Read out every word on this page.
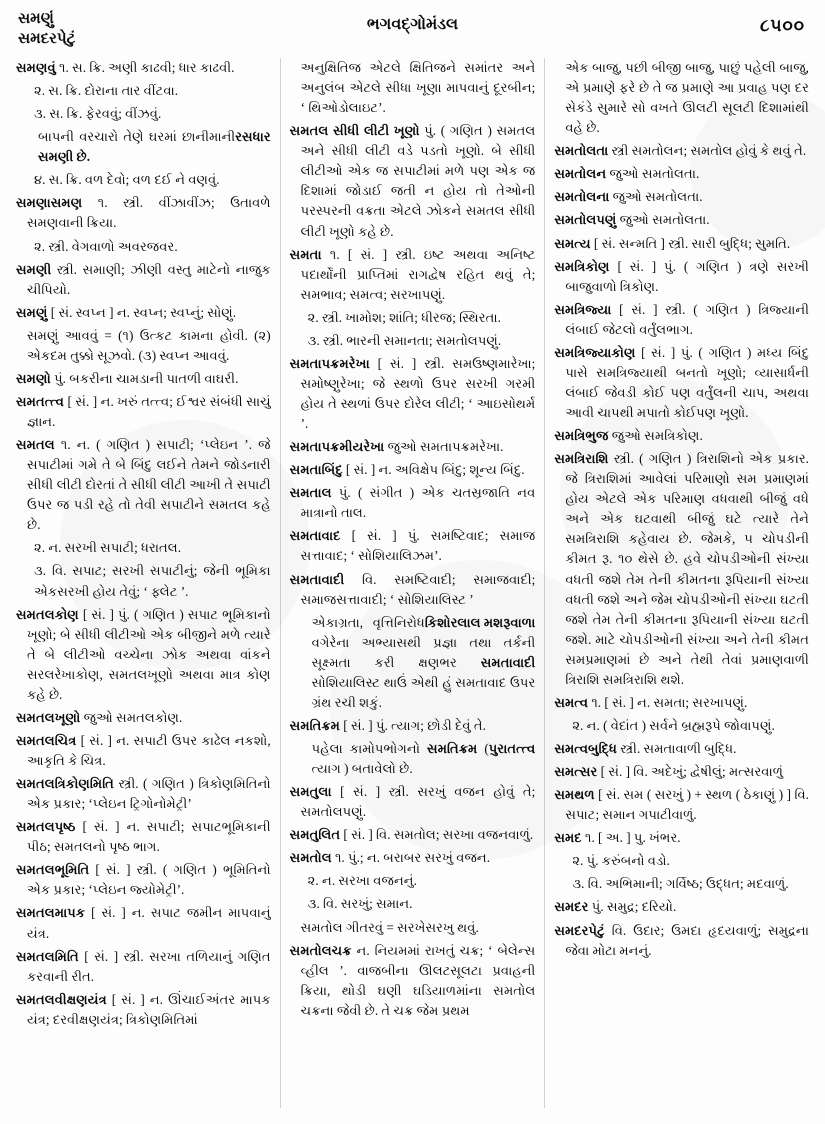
સમણુંં
સમદરપેટું
ભગવદ્‌ગોમંડલ	૮૫૦૦

સમણવું ૧. સ. ક્રિ. અણી કાઢવી; ધાર કાઢવી.

૨. સ. ક્રિ. દોરાના તાર વીંટવા.

૩. સ. ક્રિ. ફેરવવું; વીંઝવું.

રસધાર
બાપની વરચારો તેણે ઘરમાં છાનીમાની સમણી છે.

૪. સ. ક્રિ. વળ દેવો; વળ દઈ ને વણવું.

સમણાસમણ ૧. સ્ત્રી. વીંઝાવીંઝ; ઉતાવળે સમણવાની ક્રિયા.

૨. સ્ત્રી. વેગવાળો અવરજવર.

સમણી સ્ત્રી. સમાણી; ઝીણી વસ્તુ માટેનો નાજુક ચીપિયો.

સમણું [ સં. સ્વપ્ન ] ન. સ્વપ્ન; સ્વપ્નું; સોણું.

સમણું આવવું = (૧) ઉત્કટ કામના હોવી. (૨) એકદમ તુક્કો સૂઝવો. (૩) સ્વપ્ન આવવું.

સમણો પું. બકરીના ચામડાની પાતળી વાઘરી.

સમતત્ત્વ [ સં. ] ન. ખરું તત્ત્વ; ઈશ્વર સંબંધી સાચું જ્ઞાન.

સમતલ ૧. ન. ( ગણિત ) સપાટી; ‘પ્લેઇન ’. જે સપાટીમાં ગમે તે બે બિંદુ લઈને તેમને જોડનારી સીધી લીટી દોરતાં તે સીધી લીટી આખી તે સપાટી ઉપર જ પડી રહે તો તેવી સપાટીને સમતલ કહે છે.

૨. ન. સરખી સપાટી; ધરાતલ.

૩. વિ. સપાટ; સરખી સપાટીનું; જેની ભૂમિકા એકસરખી હોય તેવું; ‘ ફ્લેટ ’.

સમતલકોણ [ સં. ] પું. ( ગણિત ) સપાટ ભૂમિકાનો ખૂણો; બે સીધી લીટીઓ એક બીજીને મળે ત્યારે તે બે લીટીઓ વચ્ચેના ઝોક અથવા વાંકને સરલરેખાકોણ, સમતલખૂણો અથવા માત્ર કોણ કહે છે.

સમતલખૂણો જુઓ સમતલકોણ.

સમતલચિત્ર [ સં. ] ન. સપાટી ઉપર કાઢેલ નકશો, આકૃતિ કે ચિત્ર.

સમતલત્રિકોણમિતિ સ્ત્રી. ( ગણિત ) ત્રિકોણમિતિનો એક પ્રકાર; ‘પ્લેઇન ટ્રિગોનોમેટ્રી’

સમતલપૃષ્ઠ [ સં. ] ન. સપાટી; સપાટભૂમિકાની પીઠ; સમતલનો પૃષ્ઠ ભાગ.

સમતલભૂમિતિ [ સં. ] સ્ત્રી. ( ગણિત ) ભૂમિતિનો એક પ્રકાર; ‘પ્લેઇન જ્યોમેટ્રી’.

સમતલમાપક [ સં. ] ન. સપાટ જમીન માપવાનું યંત્ર.

સમતલમિતિ [ સં. ] સ્ત્રી. સરખા તળિયાનું ગણિત કરવાની રીત.

સમતલવીક્ષણયંત્ર [ સં. ] ન. ઊંચાઈઅંતર માપક યંત્ર; દરવીક્ષણયંત્ર; ત્રિકોણમિતિમાં

અનુક્ષિતિજ એટલે ક્ષિતિજને સમાંતર અને અનુલંબ એટલે સીધા ખૂણા માપવાનું દૂરબીન; ‘ થિઓડોલાઇટ’.

સમતલ સીધી લીટી ખૂણો પું. ( ગણિત ) સમતલ અને સીધી લીટી વડે પડતો ખૂણો. બે સીધી લીટીઓ એક જ સપાટીમાં મળે પણ એક જ દિશામાં જોડાઈ જતી ન હોય તો તેઓની પરસ્પરની વક્રતા એટલે ઝોકને સમતલ સીધી લીટી ખૂણો કહે છે.

સમતા ૧. [ સં. ] સ્ત્રી. ઇષ્ટ અથવા અનિષ્ટ પદાર્થોંની પ્રાપ્તિમાં રાગદ્વેષ રહિત થવું તે; સમભાવ; સમત્વ; સરખાપણું.

૨. સ્ત્રી. ખામોશ; શાંતિ; ધીરજ; સ્થિરતા.

૩. સ્ત્રી. ભારની સમાનતા; સમતોલપણું.

સમતાપક્રમરેખા [ સં. ] સ્ત્રી. સમઉષ્ણમારેખા; સમોષ્ણુરેખા; જે સ્થળો ઉપર સરખી ગરમી હોય તે સ્થળાં ઉપર દોરેલ લીટી; ‘ આઇસોથર્મ ’.

સમતાપક્રમીયરેખા જુઓ સમતાપક્રમરેખા.

સમતાબિંદુ [ સં. ] ન. અવિક્ષેપ બિંદુ; શૂન્ય બિંદુ.

સમતાલ પું. ( સંગીત ) એક ચતસ્રજાતિ નવ માત્રાનો તાલ.

સમતાવાદ [ સં. ] પું. સમષ્ટિવાદ; સમાજ સત્તાવાદ; ‘ સોશિયાલિઝમ’.

સમતાવાદી વિ. સમષ્ટિવાદી; સમાજવાદી; સમાજસત્તાવાદી; ‘ સોશિયાલિસ્ટ ’

કિશોરલાલ મશરૂવાળા
એકાગ્રતા, વૃત્તિનિરોધ વગેરેના અભ્યાસથી પ્રજ્ઞા તથા તર્કની સૂક્ષ્મતા કરી ક્ષણભર સમતાવાદી સોશિયાલિસ્ટ થાઉં એથી હું સમતાવાદ ઉપર ગ્રંથ રચી શકું.

સમતિક્રમ [ સં. ] પું. ત્યાગ; છોડી દેવું તે.

પુરાતત્ત્વ
પહેલા કામોપભોગનો સમતિક્રમ ( ત્યાગ ) બતાવેલો છે.

સમતુલા [ સં. ] સ્ત્રી. સરખું વજન હોવું તે; સમતોલપણું.

સમતુલિત [ સં. ] વિ. સમતોલ; સરખા વજનવાળું.

સમતોલ ૧. પું.; ન. બરાબર સરખું વજન.

૨. ન. સરખા વજનનું.

૩. વિ. સરખું; સમાન.

સમતોલ ગીતરવું = સરખેસરખુ થવું.

સમતોલચક્ર ન. નિયમમાં રાખતું ચક્ર; ‘ બેલેન્સ વ્હીલ ’. વાજબીના ઊલટસૂલટા પ્રવાહની ક્રિયા, થોડી ઘણી ઘડિયાળમાંના સમતોલ ચક્રના જેવી છે. તે ચક્ર જેમ પ્રથમ

એક બાજુ, પછી બીજી બાજુ, પાછું પહેલી બાજુ, એ પ્રમાણે ફરે છે તે જ પ્રમાણે આ પ્રવાહ પણ દર સેકંડે સુમારે સો વખતે ઊલટી સૂલટી દિશામાંથી વહે છે.

સમતોલતા સ્ત્રી સમતોલન; સમતોલ હોવું કે થવું તે.

સમતોલન જુઓ સમતોલતા.

સમતોલના જુઓ સમતોલતા.

સમતોલપણું જુઓ સમતોલતા.

સમત્ય [ સં. સન્મતિ ] સ્ત્રી. સારી બુદ્ધિ; સુમતિ.

સમત્રિકોણ [ સં. ] પું. ( ગણિત ) ત્રણે સરખી બાજુવાળો ત્રિકોણ.

સમત્રિજ્યા [ સં. ] સ્ત્રી. ( ગણિત ) ત્રિજ્યાની લંબાઈ જેટલો વર્તુંલભાગ.

સમત્રિજ્યાકોણ [ સં. ] પું. ( ગણિત ) મધ્ય બિંદુ પાસે સમત્રિજ્યાથી બનતો ખૂણો; વ્યાસાર્ધની લંબાઈ જેવડી કોઈ પણ વર્તુંલની ચાપ, અથવા આવી ચાપથી મપાતો કોઈપણ ખૂણો.

સમત્રિભુજ જુઓ સમત્રિકોણ.

સમત્રિરાશિ સ્ત્રી. ( ગણિત ) ત્રિરાશિનો એક પ્રકાર. જે ત્રિરાશિમાં આવેલાં પરિમાણો સમ પ્રમાણમાં હોય એટલે એક પરિમાણ વધવાથી બીજું વધે અને એક ઘટવાથી બીજું ઘટે ત્યારે તેને સમત્રિરાશિ કહેવાય છે. જેમકે, ૫ ચોપડીની કીમત રૂ. ૧૦ થેસે છે. હવે ચોપડીઓની સંખ્યા વધતી જશે તેમ તેની કીમતના રૂપિયાની સંખ્યા વધતી જશે અને જેમ ચોપડીઓની સંખ્યા ઘટતી જશે તેમ તેની કીમતના રૂપિયાની સંખ્યા ઘટતી જશે. માટે ચોપડીઓની સંખ્યા અને તેની કીમત સમપ્રમાણમાં છે અને તેથી તેવાં પ્રમાણવાળી ત્રિરાશિ સમત્રિરાશિ થશે.

સમત્વ ૧. [ સં. ] ન. સમતા; સરખાપણું.

૨. ન. ( વેદાંત ) સર્વને બ્રહ્મરૂપે જોવાપણું.

સમત્વબુદ્ધિ સ્ત્રી. સમતાવાળી બુદ્ધિ.

સમત્સર [ સં. ] વિ. અદેખું; દ્વેષીલું; મત્સરવાળું

સમથળ [ સં. સમ ( સરખું ) + સ્થળ ( ઠેકાણું ) ] વિ. સપાટ; સમાન ગપાટીવાળું.

સમદ ૧. [ અ. ] પુ. ખંભર.

૨. પું. કરુંબનો વડો.

૩. વિ. અભિમાની; ગર્વિષ્ઠ; ઉદ્ધત; મદવાળું.

સમદર પું. સમુદ્ર; દરિયો.

સમદરપેટું વિ. ઉદાર; ઉમદા હૃદયવાળું; સમુદ્રના જેવા મોટા મનનું.
